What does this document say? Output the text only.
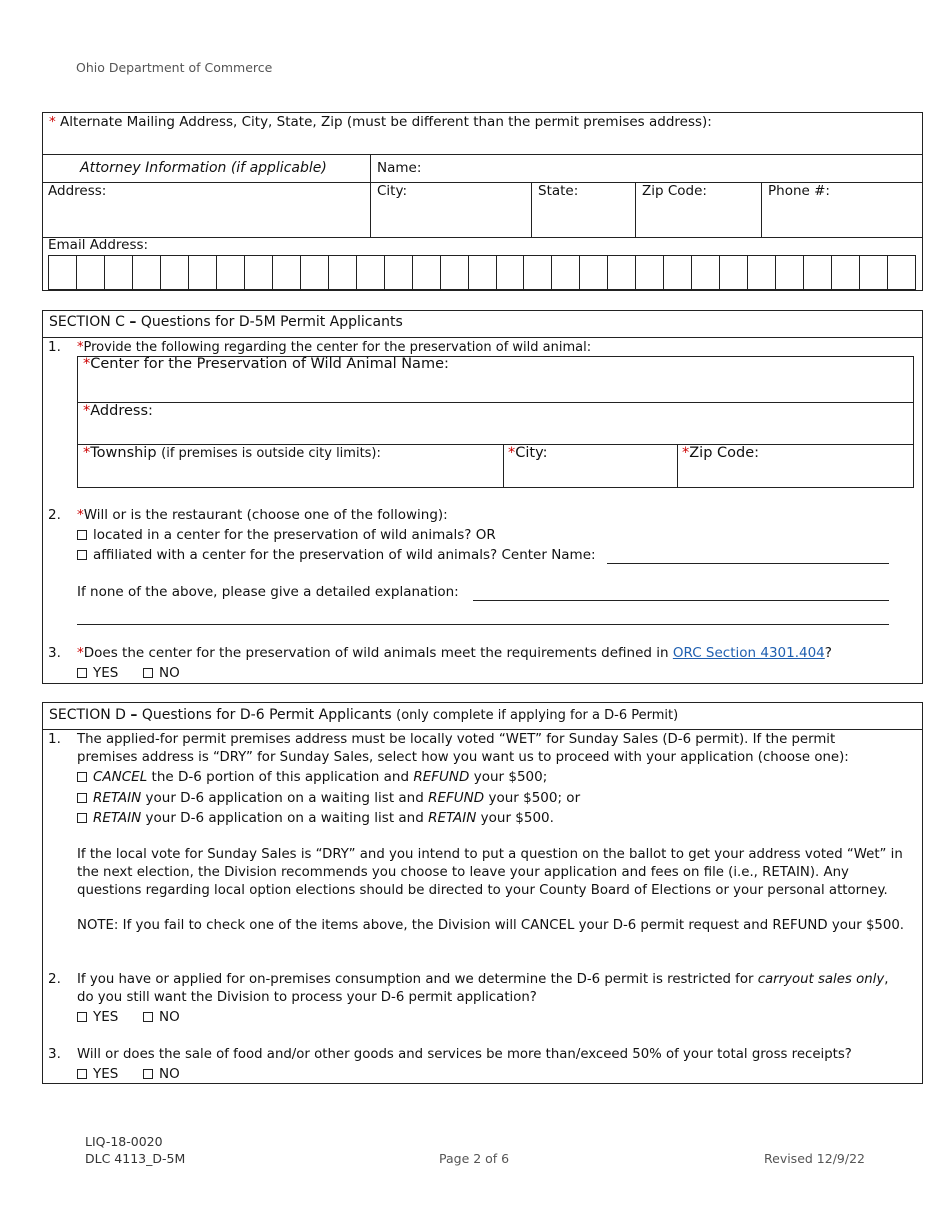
Ohio Department of Commerce
* Alternate Mailing Address, City, State, Zip (must be different than the permit premises address):
Attorney Information (if applicable)	Name:
Address:	City:	State:	Zip Code:	Phone #:
Email Address:
SECTION C – Questions for D-5M Permit Applicants
1. *Provide the following regarding the center for the preservation of wild animal:
*Center for the Preservation of Wild Animal Name:
*Address:
*Township (if premises is outside city limits):	*City:	*Zip Code:
2. *Will or is the restaurant (choose one of the following):
located in a center for the preservation of wild animals? OR
affiliated with a center for the preservation of wild animals? Center Name:
If none of the above, please give a detailed explanation:
3. *Does the center for the preservation of wild animals meet the requirements defined in ORC Section 4301.404?
YES	NO
SECTION D – Questions for D-6 Permit Applicants (only complete if applying for a D-6 Permit)
1. The applied-for permit premises address must be locally voted “WET” for Sunday Sales (D-6 permit). If the permit
premises address is “DRY” for Sunday Sales, select how you want us to proceed with your application (choose one):
CANCEL the D-6 portion of this application and REFUND your $500;
RETAIN your D-6 application on a waiting list and REFUND your $500; or
RETAIN your D-6 application on a waiting list and RETAIN your $500.
If the local vote for Sunday Sales is “DRY” and you intend to put a question on the ballot to get your address voted “Wet” in the next election, the Division recommends you choose to leave your application and fees on file (i.e., RETAIN). Any questions regarding local option elections should be directed to your County Board of Elections or your personal attorney.
NOTE: If you fail to check one of the items above, the Division will CANCEL your D-6 permit request and REFUND your $500.
2. If you have or applied for on-premises consumption and we determine the D-6 permit is restricted for carryout sales only,
do you still want the Division to process your D-6 permit application?
YES	NO
3. Will or does the sale of food and/or other goods and services be more than/exceed 50% of your total gross receipts?
YES	NO
LIQ-18-0020
DLC 4113_D-5M	Page 2 of 6	Revised 12/9/22
